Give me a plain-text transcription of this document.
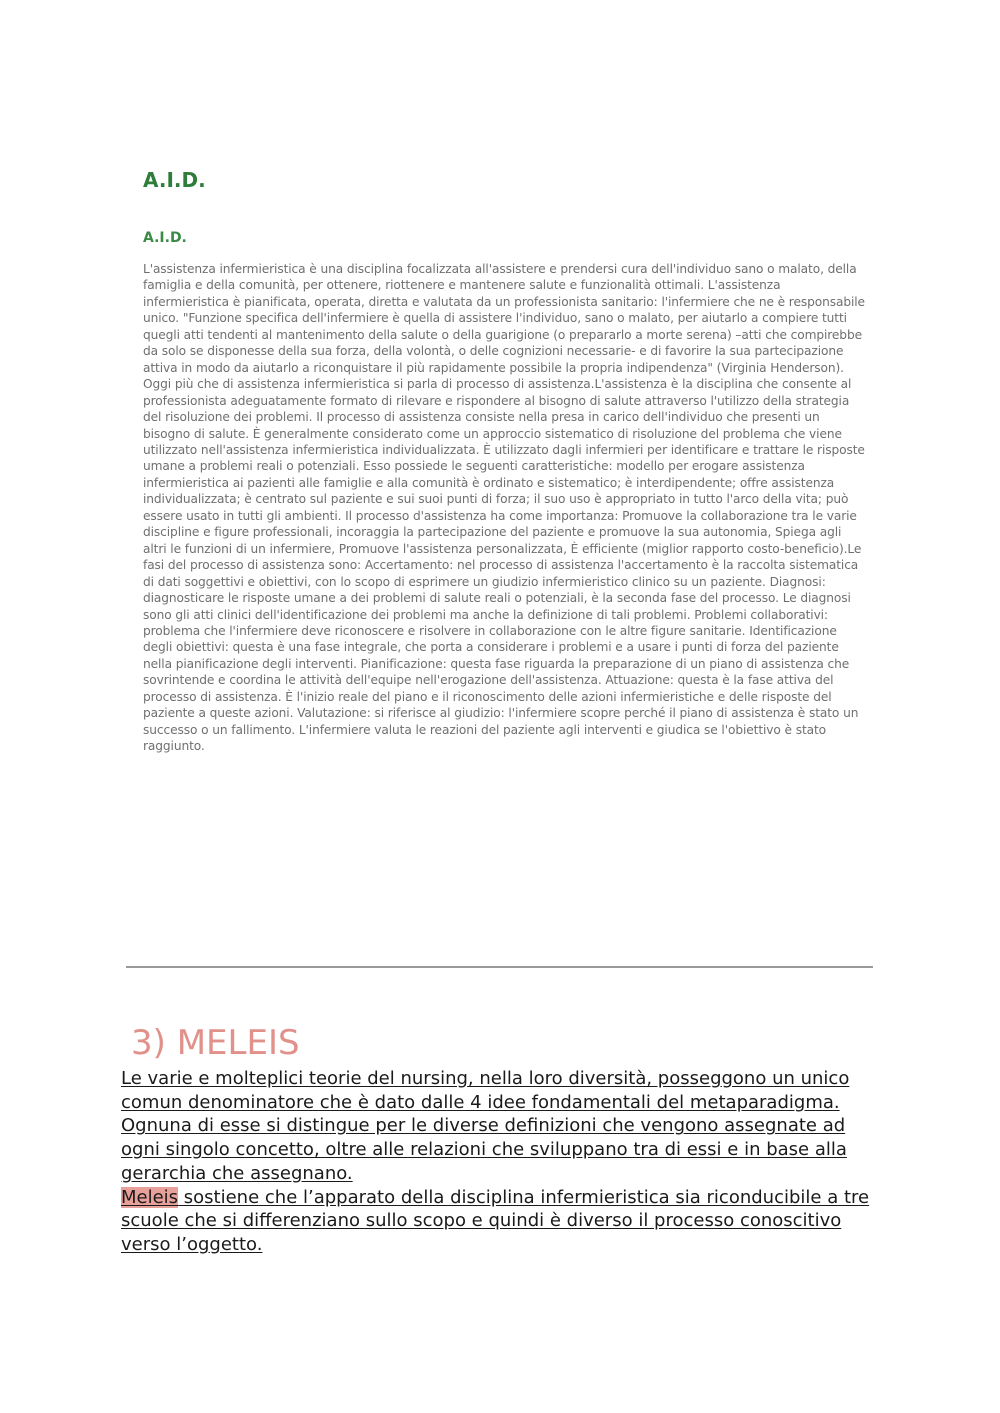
A.I.D.
A.I.D.

L'assistenza infermieristica è una disciplina focalizzata all'assistere e prendersi cura dell'individuo sano o malato, della famiglia e della comunità, per ottenere, riottenere e mantenere salute e funzionalità ottimali. L'assistenza infermieristica è pianificata, operata, diretta e valutata da un professionista sanitario: l'infermiere che ne è responsabile unico. "Funzione specifica dell'infermiere è quella di assistere l'individuo, sano o malato, per aiutarlo a compiere tutti quegli atti tendenti al mantenimento della salute o della guarigione (o prepararlo a morte serena) –atti che compirebbe da solo se disponesse della sua forza, della volontà, o delle cognizioni necessarie- e di favorire la sua partecipazione attiva in modo da aiutarlo a riconquistare il più rapidamente possibile la propria indipendenza" (Virginia Henderson). Oggi più che di assistenza infermieristica si parla di processo di assistenza.L'assistenza è la disciplina che consente al professionista adeguatamente formato di rilevare e rispondere al bisogno di salute attraverso l'utilizzo della strategia del risoluzione dei problemi. Il processo di assistenza consiste nella presa in carico dell'individuo che presenti un bisogno di salute. È generalmente considerato come un approccio sistematico di risoluzione del problema che viene utilizzato nell'assistenza infermieristica individualizzata. È utilizzato dagli infermieri per identificare e trattare le risposte umane a problemi reali o potenziali. Esso possiede le seguenti caratteristiche: modello per erogare assistenza infermieristica ai pazienti alle famiglie e alla comunità è ordinato e sistematico; è interdipendente; offre assistenza individualizzata; è centrato sul paziente e sui suoi punti di forza; il suo uso è appropriato in tutto l'arco della vita; può essere usato in tutti gli ambienti. Il processo d'assistenza ha come importanza: Promuove la collaborazione tra le varie discipline e figure professionali, incoraggia la partecipazione del paziente e promuove la sua autonomia, Spiega agli altri le funzioni di un infermiere, Promuove l'assistenza personalizzata, È efficiente (miglior rapporto costo-beneficio).Le fasi del processo di assistenza sono: Accertamento: nel processo di assistenza l'accertamento è la raccolta sistematica di dati soggettivi e obiettivi, con lo scopo di esprimere un giudizio infermieristico clinico su un paziente. Diagnosi: diagnosticare le risposte umane a dei problemi di salute reali o potenziali, è la seconda fase del processo. Le diagnosi sono gli atti clinici dell'identificazione dei problemi ma anche la definizione di tali problemi. Problemi collaborativi: problema che l'infermiere deve riconoscere e risolvere in collaborazione con le altre figure sanitarie. Identificazione degli obiettivi: questa è una fase integrale, che porta a considerare i problemi e a usare i punti di forza del paziente nella pianificazione degli interventi. Pianificazione: questa fase riguarda la preparazione di un piano di assistenza che sovrintende e coordina le attività dell'equipe nell'erogazione dell'assistenza. Attuazione: questa è la fase attiva del processo di assistenza. È l'inizio reale del piano e il riconoscimento delle azioni infermieristiche e delle risposte del paziente a queste azioni. Valutazione: si riferisce al giudizio: l'infermiere scopre perché il piano di assistenza è stato un successo o un fallimento. L'infermiere valuta le reazioni del paziente agli interventi e giudica se l'obiettivo è stato raggiunto.

3) MELEIS

Le varie e molteplici teorie del nursing, nella loro diversità, posseggono un unico comun denominatore che è dato dalle 4 idee fondamentali del metaparadigma.

Ognuna di esse si distingue per le diverse definizioni che vengono assegnate ad ogni singolo concetto, oltre alle relazioni che sviluppano tra di essi e in base alla gerarchia che assegnano.

Meleis sostiene che l’apparato della disciplina infermieristica sia riconducibile a tre scuole che si differenziano sullo scopo e quindi è diverso il processo conoscitivo verso l’oggetto.
